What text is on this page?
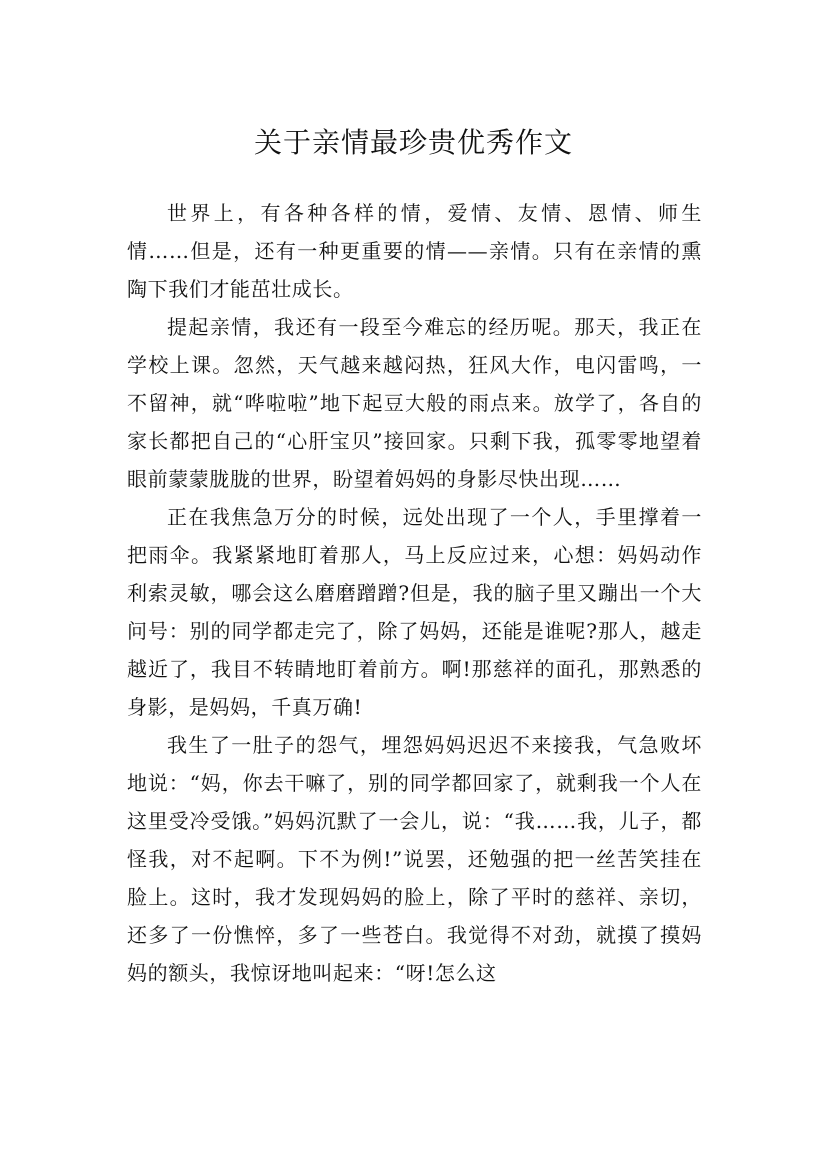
关于亲情最珍贵优秀作文

世界上，有各种各样的情，爱情、友情、恩情、师生情……但是，还有一种更重要的情——亲情。只有在亲情的熏陶下我们才能茁壮成长。

提起亲情，我还有一段至今难忘的经历呢。那天，我正在学校上课。忽然，天气越来越闷热，狂风大作，电闪雷鸣，一不留神，就“哗啦啦”地下起豆大般的雨点来。放学了，各自的家长都把自己的“心肝宝贝”接回家。只剩下我，孤零零地望着眼前蒙蒙胧胧的世界，盼望着妈妈的身影尽快出现……

正在我焦急万分的时候，远处出现了一个人，手里撑着一把雨伞。我紧紧地盯着那人，马上反应过来，心想：妈妈动作利索灵敏，哪会这么磨磨蹭蹭?但是，我的脑子里又蹦出一个大问号：别的同学都走完了，除了妈妈，还能是谁呢?那人，越走越近了，我目不转睛地盯着前方。啊!那慈祥的面孔，那熟悉的身影，是妈妈，千真万确!

我生了一肚子的怨气，埋怨妈妈迟迟不来接我，气急败坏地说：“妈，你去干嘛了，别的同学都回家了，就剩我一个人在这里受冷受饿。”妈妈沉默了一会儿，说：“我……我，儿子，都怪我，对不起啊。下不为例!”说罢，还勉强的把一丝苦笑挂在脸上。这时，我才发现妈妈的脸上，除了平时的慈祥、亲切，还多了一份憔悴，多了一些苍白。我觉得不对劲，就摸了摸妈妈的额头，我惊讶地叫起来：“呀!怎么这
